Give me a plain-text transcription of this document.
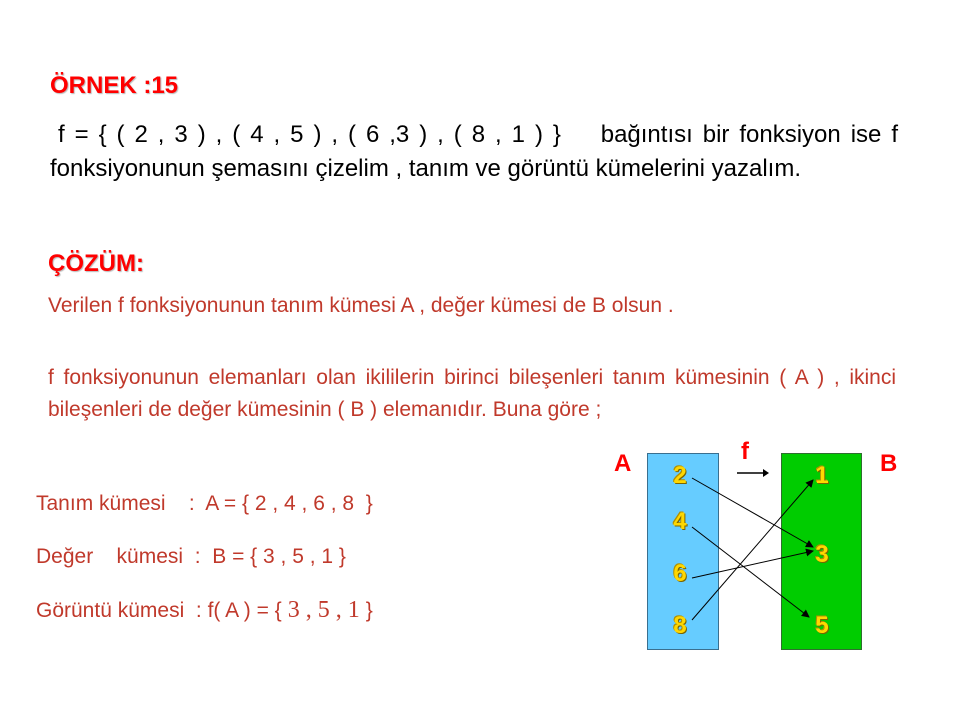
ÖRNEK :15

f = { ( 2 , 3 ) , ( 4 , 5 ) , ( 6 ,3 ) , ( 8 , 1 ) } bağıntısı bir fonksiyon ise f fonksiyonunun şemasını çizelim , tanım ve görüntü kümelerini yazalım.

ÇÖZÜM:

Verilen f fonksiyonunun tanım kümesi A , değer kümesi de B olsun .

f fonksiyonunun elemanları olan ikililerin birinci bileşenleri tanım kümesinin ( A ) , ikinci bileşenleri de değer kümesinin ( B ) elemanıdır. Buna göre ;

Tanım kümesi    :  A = { 2 , 4 , 6 , 8  }
Değer    kümesi  :  B = { 3 , 5 , 1 }
Görüntü kümesi  : f( A ) = { 3 , 5 , 1 }
A	B
f
2
4
6
8
1
3
5
